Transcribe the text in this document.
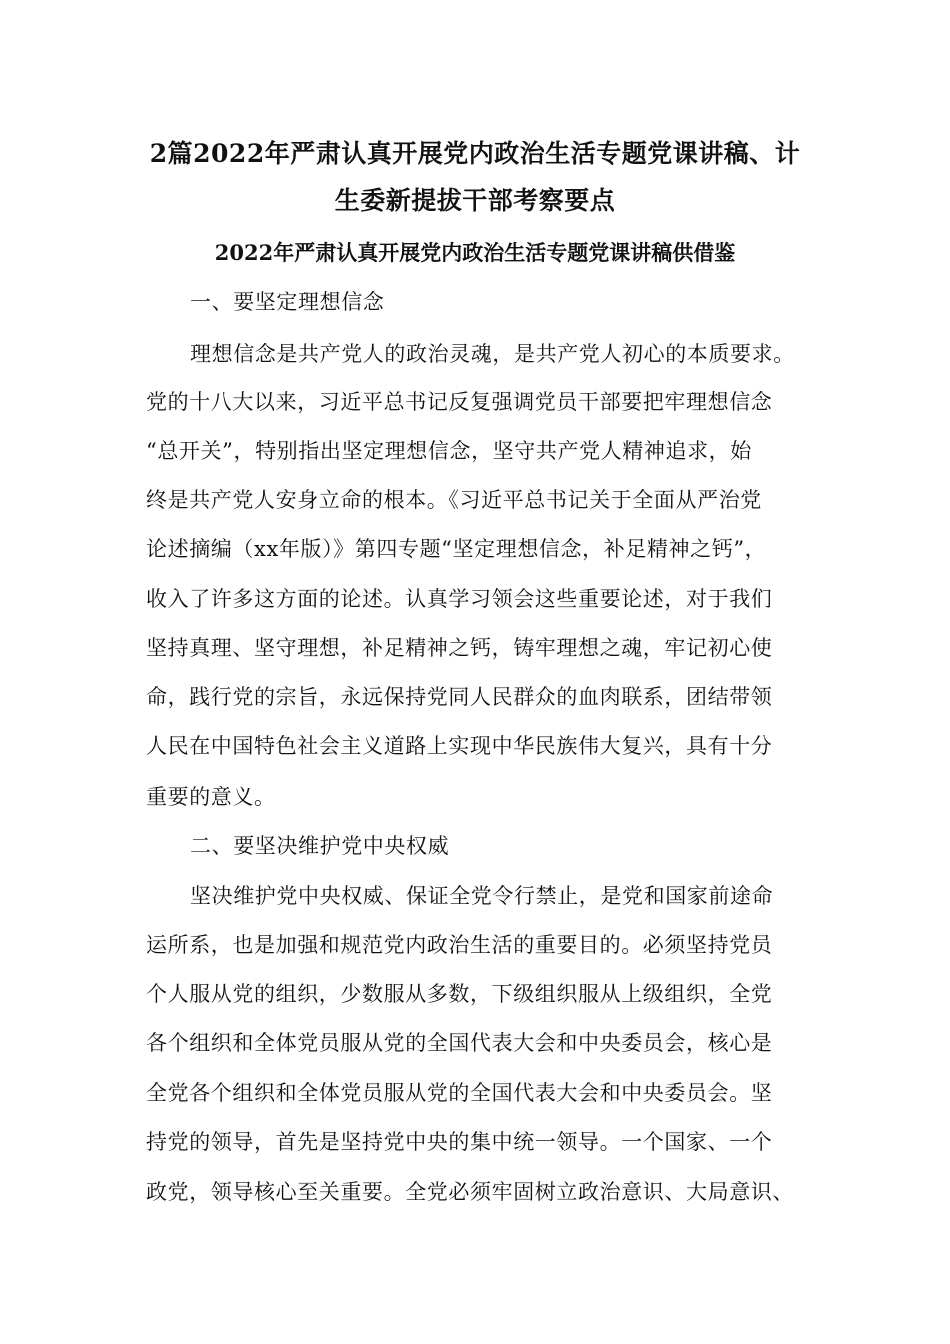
2篇2022年严肃认真开展党内政治生活专题党课讲稿、计
生委新提拔干部考察要点
2022年严肃认真开展党内政治生活专题党课讲稿供借鉴
一、要坚定理想信念
理想信念是共产党人的政治灵魂，是共产党人初心的本质要求。
党的十八大以来，习近平总书记反复强调党员干部要把牢理想信念
“总开关”，特别指出坚定理想信念，坚守共产党人精神追求，始
终是共产党人安身立命的根本。《习近平总书记关于全面从严治党
论述摘编（xx年版）》第四专题“坚定理想信念，补足精神之钙”，
收入了许多这方面的论述。认真学习领会这些重要论述，对于我们
坚持真理、坚守理想，补足精神之钙，铸牢理想之魂，牢记初心使
命，践行党的宗旨，永远保持党同人民群众的血肉联系，团结带领
人民在中国特色社会主义道路上实现中华民族伟大复兴，具有十分
重要的意义。
二、要坚决维护党中央权威
坚决维护党中央权威、保证全党令行禁止，是党和国家前途命
运所系，也是加强和规范党内政治生活的重要目的。必须坚持党员
个人服从党的组织，少数服从多数，下级组织服从上级组织，全党
各个组织和全体党员服从党的全国代表大会和中央委员会，核心是
全党各个组织和全体党员服从党的全国代表大会和中央委员会。坚
持党的领导，首先是坚持党中央的集中统一领导。一个国家、一个
政党，领导核心至关重要。全党必须牢固树立政治意识、大局意识、
